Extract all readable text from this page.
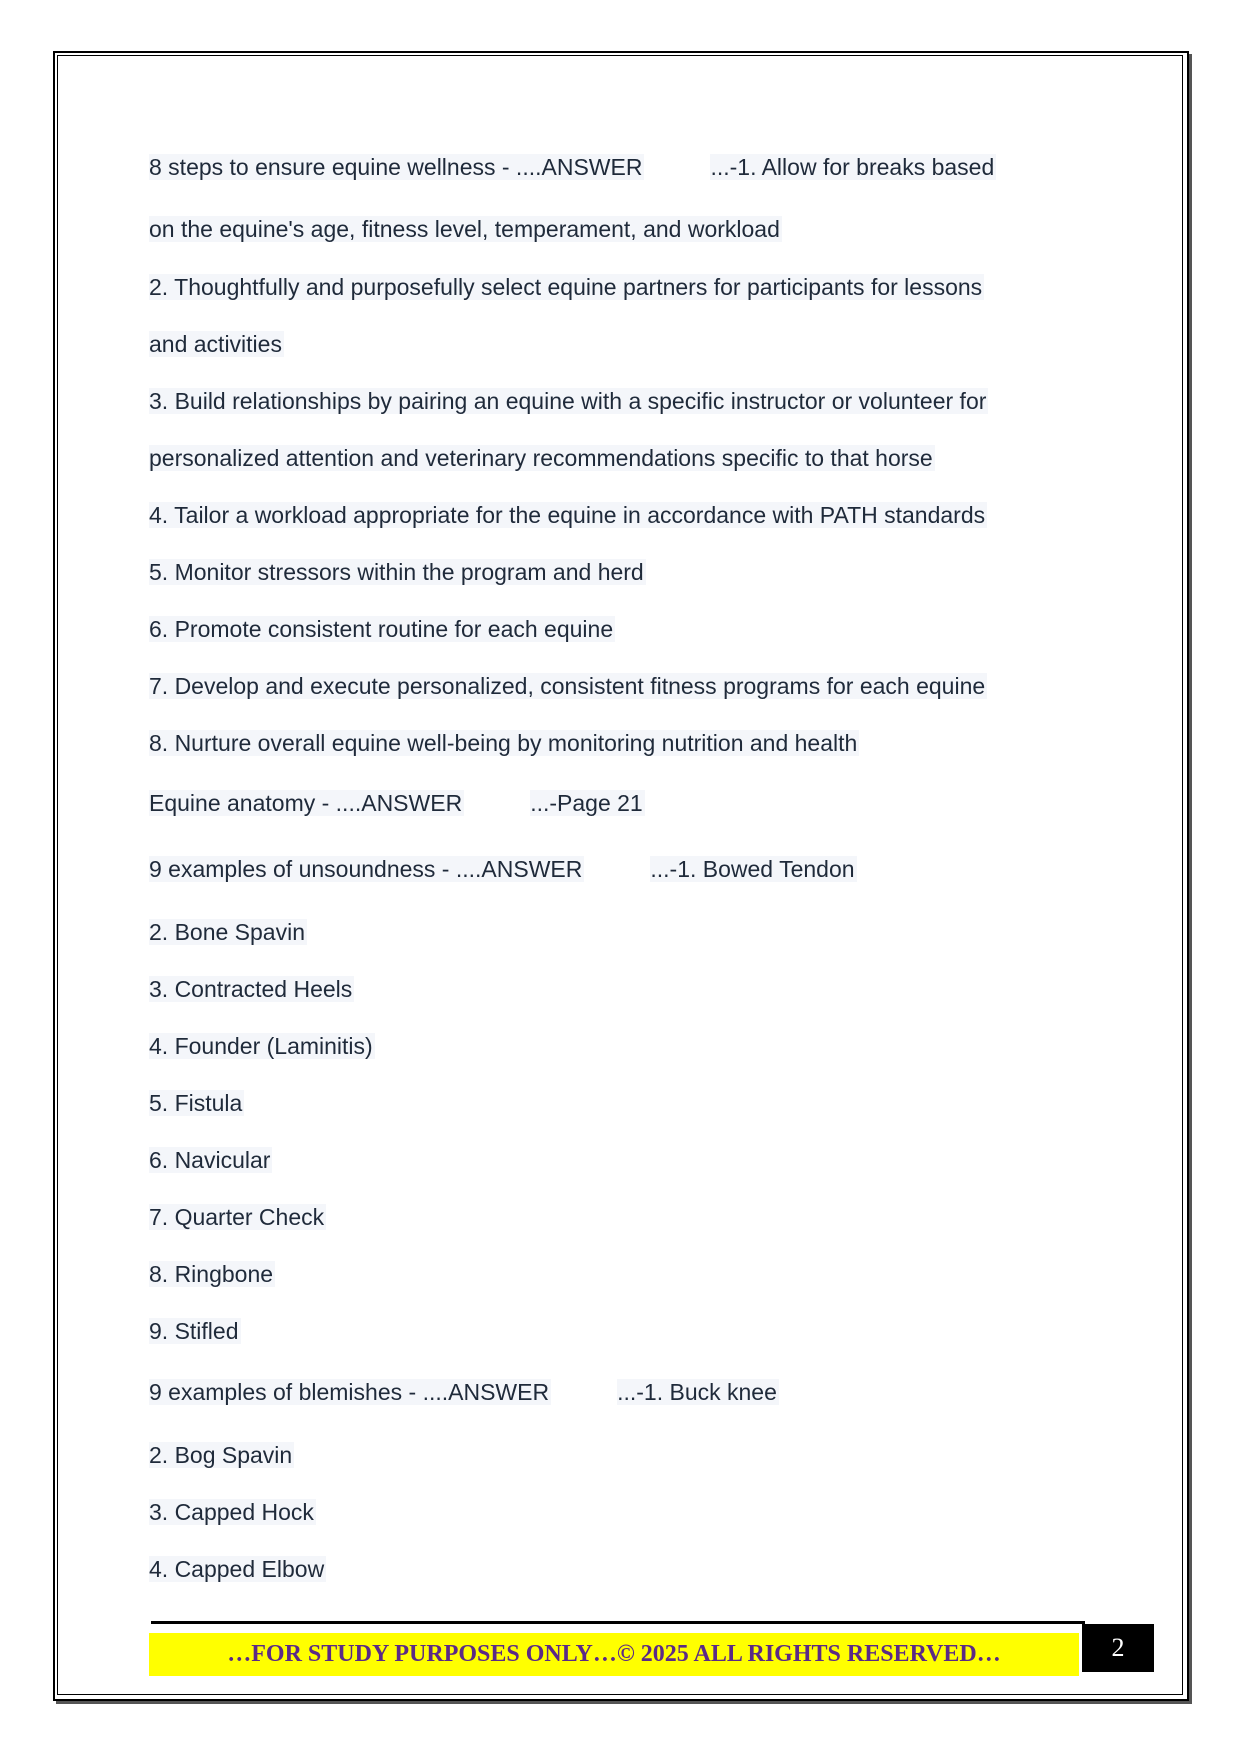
8 steps to ensure equine wellness - ....ANSWER	...-1. Allow for breaks based
on the equine's age, fitness level, temperament, and workload
2. Thoughtfully and purposefully select equine partners for participants for lessons
and activities
3. Build relationships by pairing an equine with a specific instructor or volunteer for
personalized attention and veterinary recommendations specific to that horse
4. Tailor a workload appropriate for the equine in accordance with PATH standards
5. Monitor stressors within the program and herd
6. Promote consistent routine for each equine
7. Develop and execute personalized, consistent fitness programs for each equine
8. Nurture overall equine well-being by monitoring nutrition and health
Equine anatomy - ....ANSWER	...-Page 21
9 examples of unsoundness - ....ANSWER	...-1. Bowed Tendon
2. Bone Spavin
3. Contracted Heels
4. Founder (Laminitis)
5. Fistula
6. Navicular
7. Quarter Check
8. Ringbone
9. Stifled
9 examples of blemishes - ....ANSWER	...-1. Buck knee
2. Bog Spavin
3. Capped Hock
4. Capped Elbow
…FOR STUDY PURPOSES ONLY…© 2025 ALL RIGHTS RESERVED…	2
